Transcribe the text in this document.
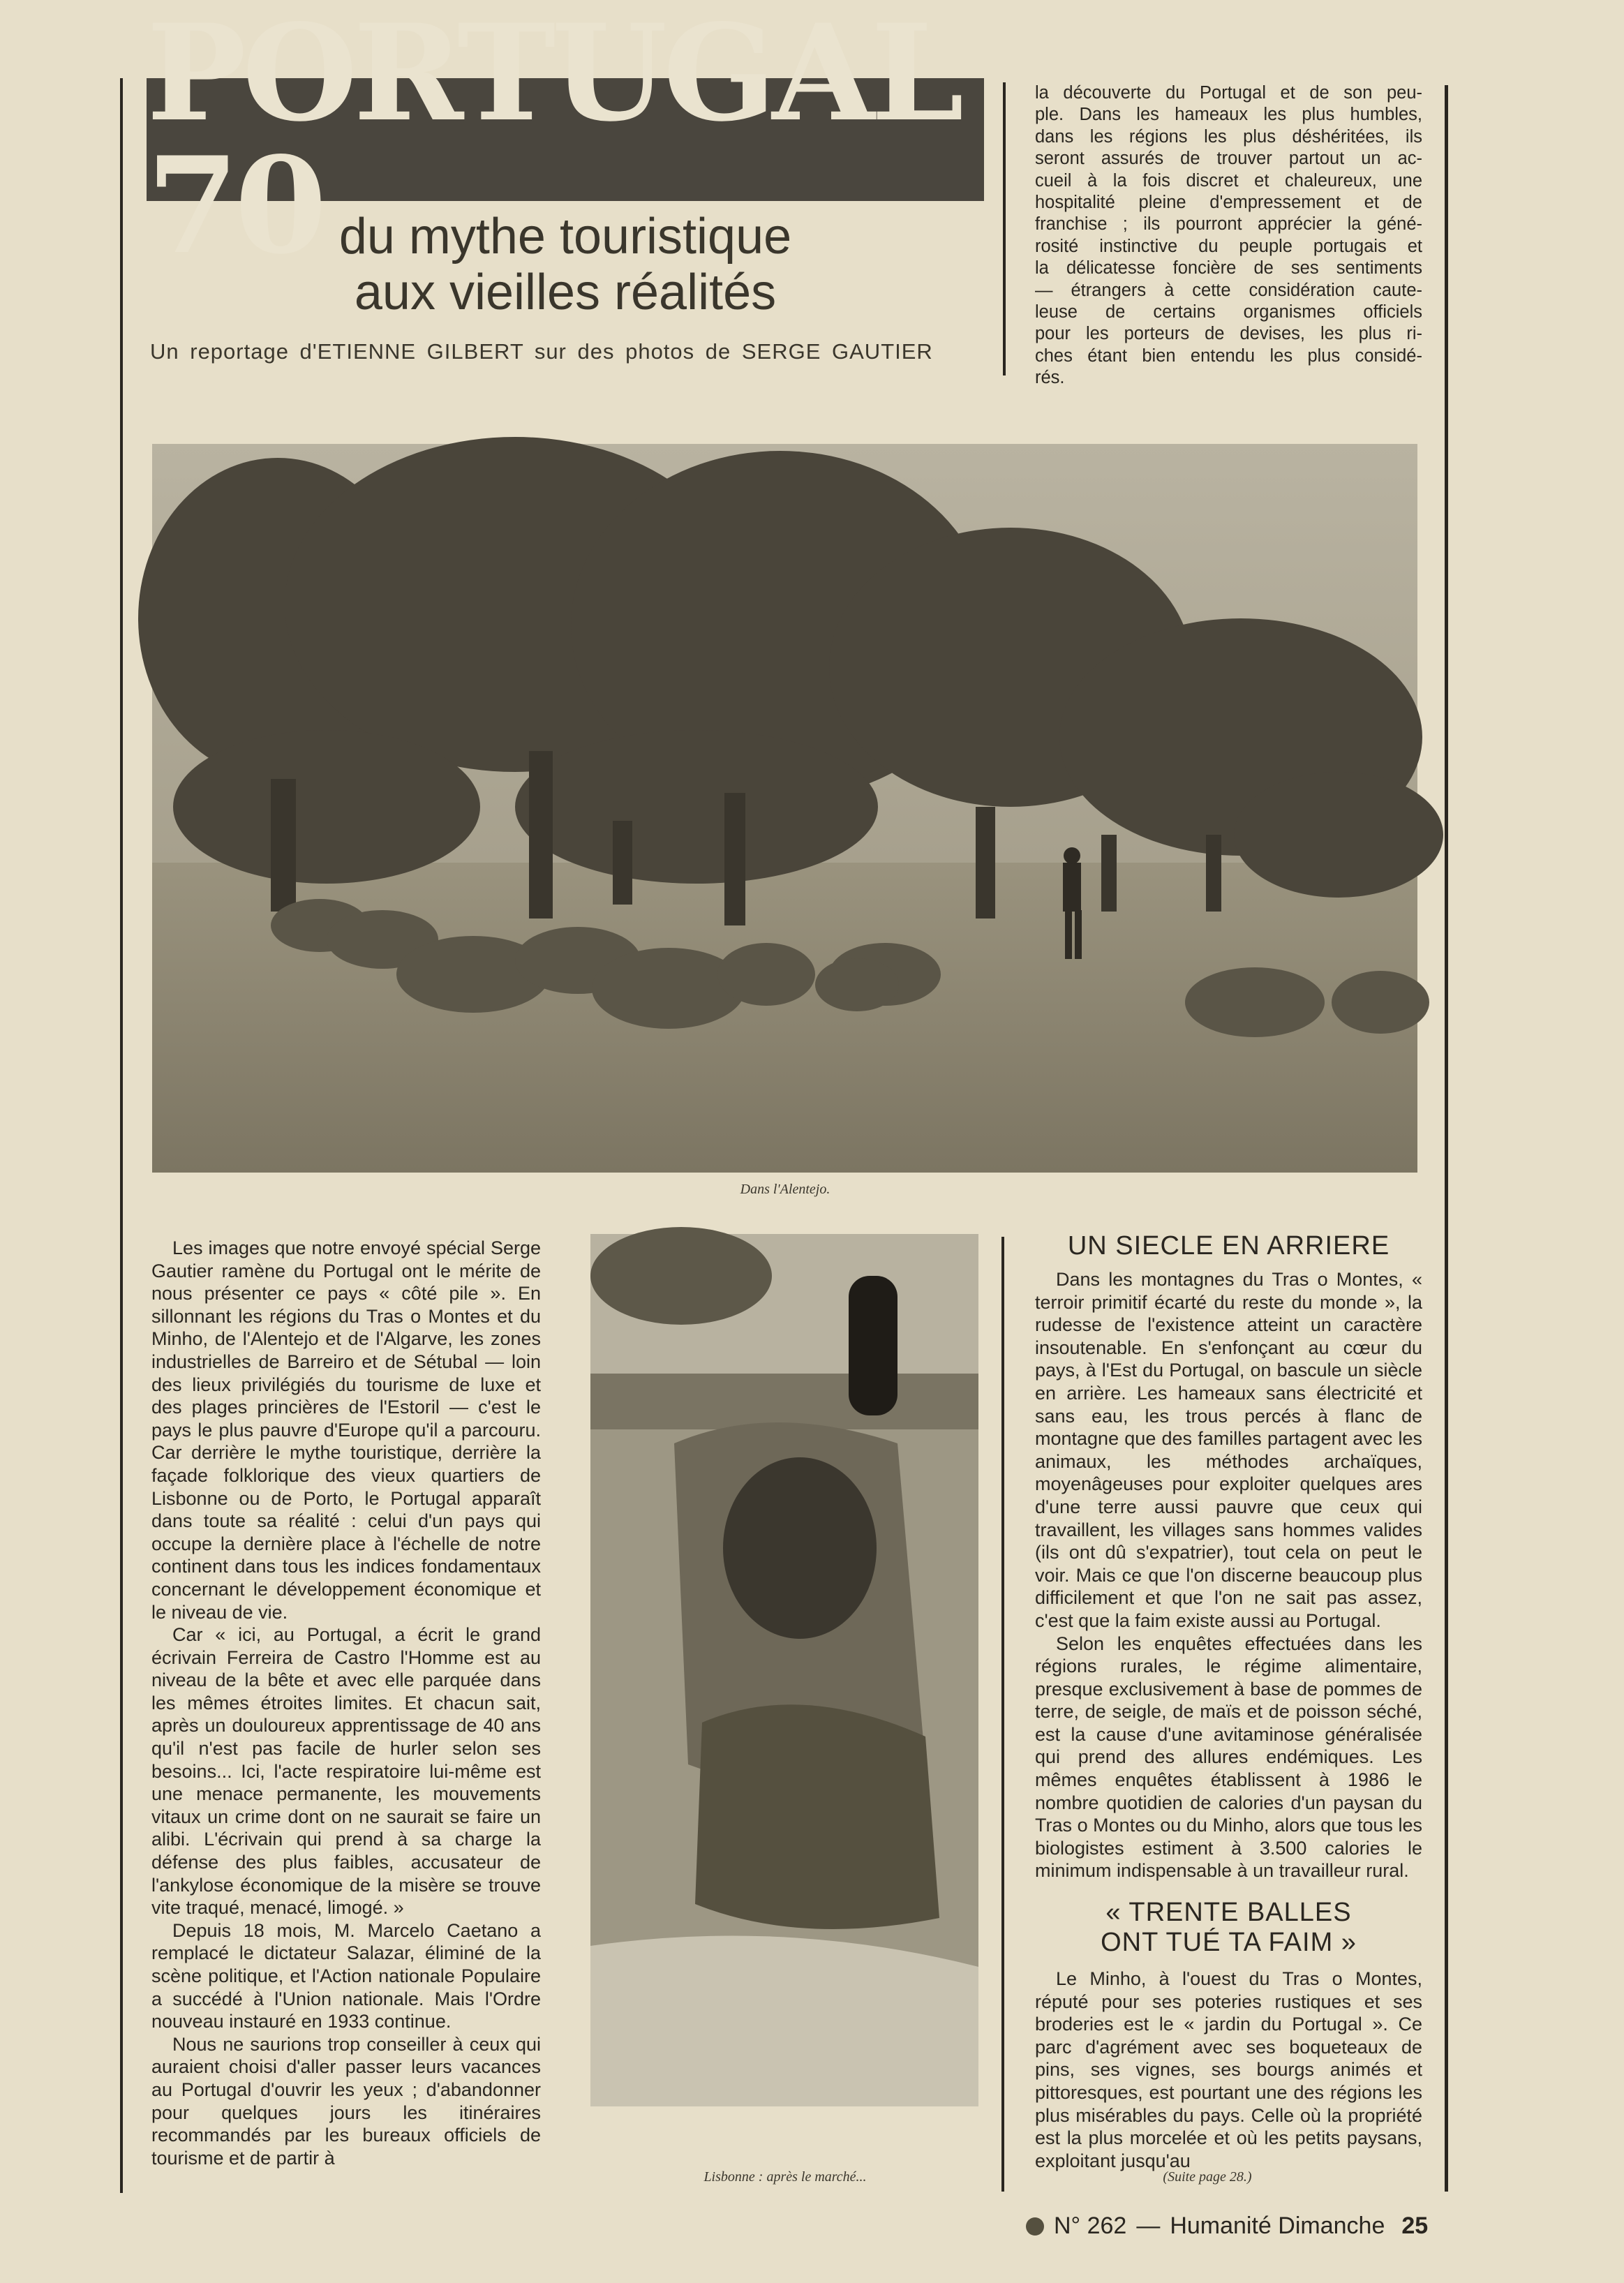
PORTUGAL 70 du mythe touristique
aux vieilles réalités
Un reportage d'ETIENNE GILBERT sur des photos de SERGE GAUTIER
la découverte du Portugal et de son peu-
ple. Dans les hameaux les plus humbles,
dans les régions les plus déshéritées, ils
seront assurés de trouver partout un ac-
cueil à la fois discret et chaleureux, une
hospitalité pleine d'empressement et de
franchise ; ils pourront apprécier la géné-
rosité instinctive du peuple portugais et
la délicatesse foncière de ses sentiments
— étrangers à cette considération caute-
leuse de certains organismes officiels
pour les porteurs de devises, les plus ri-
ches étant bien entendu les plus considé-
rés.
Dans l'Alentejo.

Les images que notre envoyé spécial Serge Gautier ramène du Portugal ont le mérite de nous présenter ce pays « côté pile ». En sillonnant les régions du Tras o Montes et du Minho, de l'Alentejo et de l'Algarve, les zones industrielles de Barreiro et de Sétubal — loin des lieux privilégiés du tourisme de luxe et des plages princières de l'Estoril — c'est le pays le plus pauvre d'Europe qu'il a parcouru. Car derrière le mythe touristique, derrière la façade folklorique des vieux quartiers de Lisbonne ou de Porto, le Portugal apparaît dans toute sa réalité : celui d'un pays qui occupe la dernière place à l'échelle de notre continent dans tous les indices fondamentaux concernant le développement économique et le niveau de vie.

Car « ici, au Portugal, a écrit le grand écrivain Ferreira de Castro l'Homme est au niveau de la bête et avec elle parquée dans les mêmes étroites limites. Et chacun sait, après un douloureux apprentissage de 40 ans qu'il n'est pas facile de hurler selon ses besoins... Ici, l'acte respiratoire lui-même est une menace permanente, les mouvements vitaux un crime dont on ne saurait se faire un alibi. L'écrivain qui prend à sa charge la défense des plus faibles, accusateur de l'ankylose économique de la misère se trouve vite traqué, menacé, limogé. »

Depuis 18 mois, M. Marcelo Caetano a remplacé le dictateur Salazar, éliminé de la scène politique, et l'Action nationale Populaire a succédé à l'Union nationale. Mais l'Ordre nouveau instauré en 1933 continue.

Nous ne saurions trop conseiller à ceux qui auraient choisi d'aller passer leurs vacances au Portugal d'ouvrir les yeux ; d'abandonner pour quelques jours les itinéraires recommandés par les bureaux officiels de tourisme et de partir à

Lisbonne : après le marché...
UN SIECLE EN ARRIERE

Dans les montagnes du Tras o Montes, « terroir primitif écarté du reste du monde », la rudesse de l'existence atteint un caractère insoutenable. En s'enfonçant au cœur du pays, à l'Est du Portugal, on bascule un siècle en arrière. Les hameaux sans électricité et sans eau, les trous percés à flanc de montagne que des familles partagent avec les animaux, les méthodes archaïques, moyenâgeuses pour exploiter quelques ares d'une terre aussi pauvre que ceux qui travaillent, les villages sans hommes valides (ils ont dû s'expatrier), tout cela on peut le voir. Mais ce que l'on discerne beaucoup plus difficilement et que l'on ne sait pas assez, c'est que la faim existe aussi au Portugal.

Selon les enquêtes effectuées dans les régions rurales, le régime alimentaire, presque exclusivement à base de pommes de terre, de seigle, de maïs et de poisson séché, est la cause d'une avitaminose généralisée qui prend des allures endémiques. Les mêmes enquêtes établissent à 1986 le nombre quotidien de calories d'un paysan du Tras o Montes ou du Minho, alors que tous les biologistes estiment à 3.500 calories le minimum indispensable à un travailleur rural.

« TRENTE BALLES
ONT TUÉ TA FAIM »

Le Minho, à l'ouest du Tras o Montes, réputé pour ses poteries rustiques et ses broderies est le « jardin du Portugal ». Ce parc d'agrément avec ses boqueteaux de pins, ses vignes, ses bourgs animés et pittoresques, est pourtant une des régions les plus misérables du pays. Celle où la propriété est la plus morcelée et où les petits paysans, exploitant jusqu'au

(Suite page 28.)
N° 262 — Humanité Dimanche 25
